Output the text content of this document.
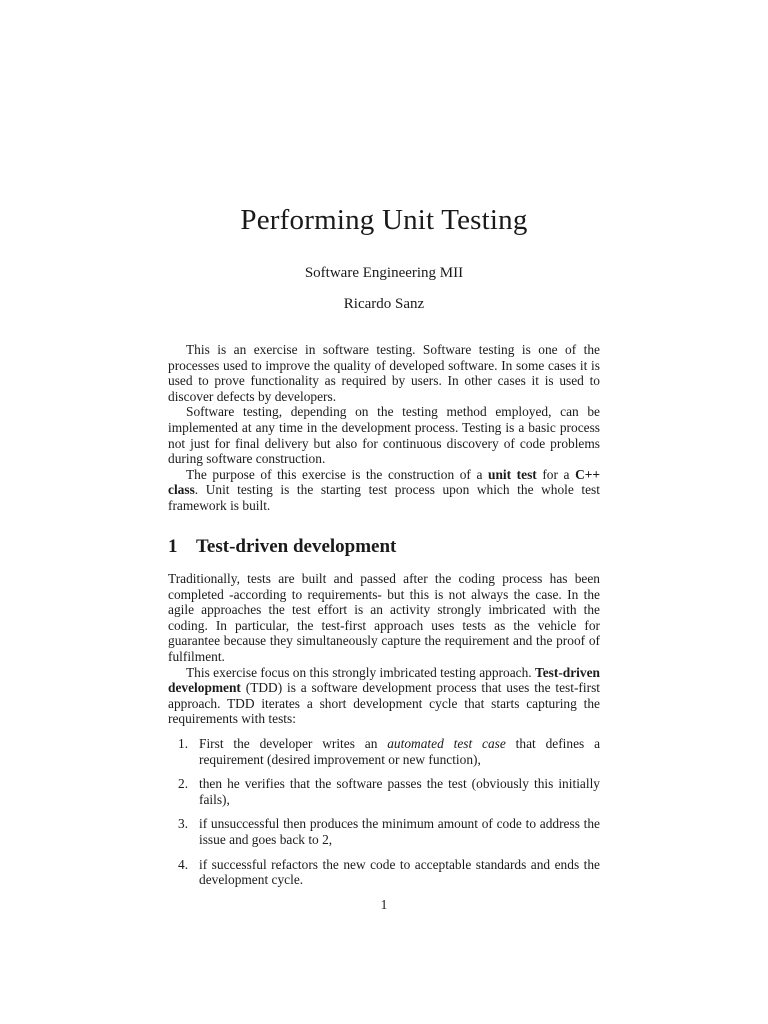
Performing Unit Testing

Software Engineering MII

Ricardo Sanz

This is an exercise in software testing. Software testing is one of the processes used to improve the quality of developed software. In some cases it is used to prove functionality as required by users. In other cases it is used to discover defects by developers.

Software testing, depending on the testing method employed, can be implemented at any time in the development process. Testing is a basic process not just for final delivery but also for continuous discovery of code problems during software construction.

The purpose of this exercise is the construction of a unit test for a C++ class. Unit testing is the starting test process upon which the whole test framework is built.

1 Test-driven development

Traditionally, tests are built and passed after the coding process has been completed -according to requirements- but this is not always the case. In the agile approaches the test effort is an activity strongly imbricated with the coding. In particular, the test-first approach uses tests as the vehicle for guarantee because they simultaneously capture the requirement and the proof of fulfilment.

This exercise focus on this strongly imbricated testing approach. Test-driven development (TDD) is a software development process that uses the test-first approach. TDD iterates a short development cycle that starts capturing the requirements with tests:

1. First the developer writes an automated test case that defines a requirement (desired improvement or new function),
2. then he verifies that the software passes the test (obviously this initially fails),
3. if unsuccessful then produces the minimum amount of code to address the issue and goes back to 2,
4. if successful refactors the new code to acceptable standards and ends the development cycle.
1
